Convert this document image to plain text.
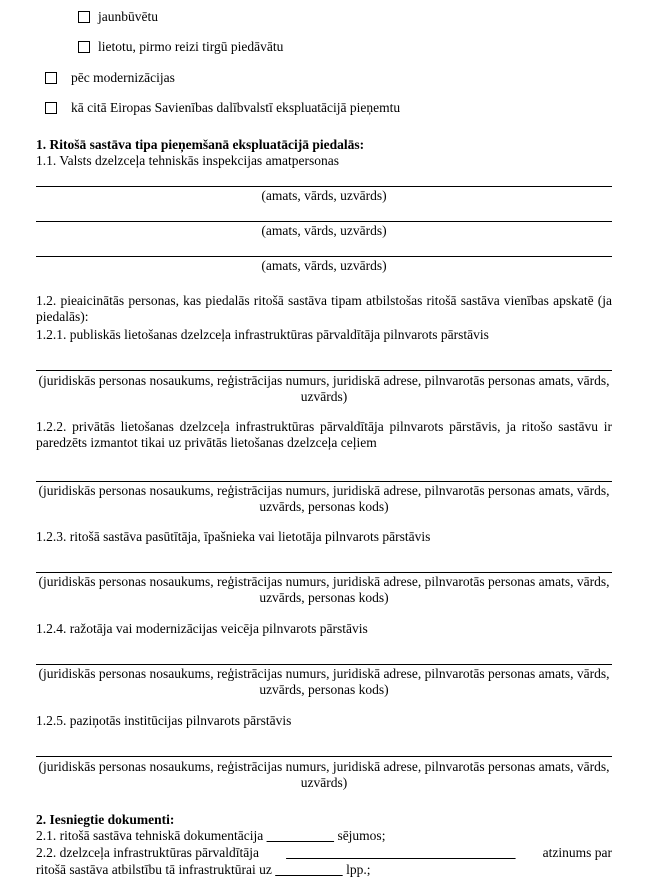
jaunbūvētu
lietotu, pirmo reizi tirgū piedāvātu
pēc modernizācijas
kā citā Eiropas Savienības dalībvalstī ekspluatācijā pieņemtu
1. Ritošā sastāva tipa pieņemšanā ekspluatācijā piedalās:
1.1. Valsts dzelzceļa tehniskās inspekcijas amatpersonas
(amats, vārds, uzvārds)
(amats, vārds, uzvārds)
(amats, vārds, uzvārds)
1.2. pieaicinātās personas, kas piedalās ritošā sastāva tipam atbilstošas ritošā sastāva vienības apskatē (ja piedalās):
1.2.1. publiskās lietošanas dzelzceļa infrastruktūras pārvaldītāja pilnvarots pārstāvis
(juridiskās personas nosaukums, reģistrācijas numurs, juridiskā adrese, pilnvarotās personas amats, vārds, uzvārds)
1.2.2. privātās lietošanas dzelzceļa infrastruktūras pārvaldītāja pilnvarots pārstāvis, ja ritošo sastāvu ir paredzēts izmantot tikai uz privātās lietošanas dzelzceļa ceļiem
(juridiskās personas nosaukums, reģistrācijas numurs, juridiskā adrese, pilnvarotās personas amats, vārds, uzvārds, personas kods)
1.2.3. ritošā sastāva pasūtītāja, īpašnieka vai lietotāja pilnvarots pārstāvis
(juridiskās personas nosaukums, reģistrācijas numurs, juridiskā adrese, pilnvarotās personas amats, vārds, uzvārds, personas kods)
1.2.4. ražotāja vai modernizācijas veicēja pilnvarots pārstāvis
(juridiskās personas nosaukums, reģistrācijas numurs, juridiskā adrese, pilnvarotās personas amats, vārds, uzvārds, personas kods)
1.2.5. paziņotās institūcijas pilnvarots pārstāvis
(juridiskās personas nosaukums, reģistrācijas numurs, juridiskā adrese, pilnvarotās personas amats, vārds, uzvārds)
2. Iesniegtie dokumenti:
2.1. ritošā sastāva tehniskā dokumentācija	sējumos;
2.2. dzelzceļa infrastruktūras pārvaldītāja
	atzinums par
ritošā sastāva atbilstību tā infrastruktūrai uz	lpp.;
